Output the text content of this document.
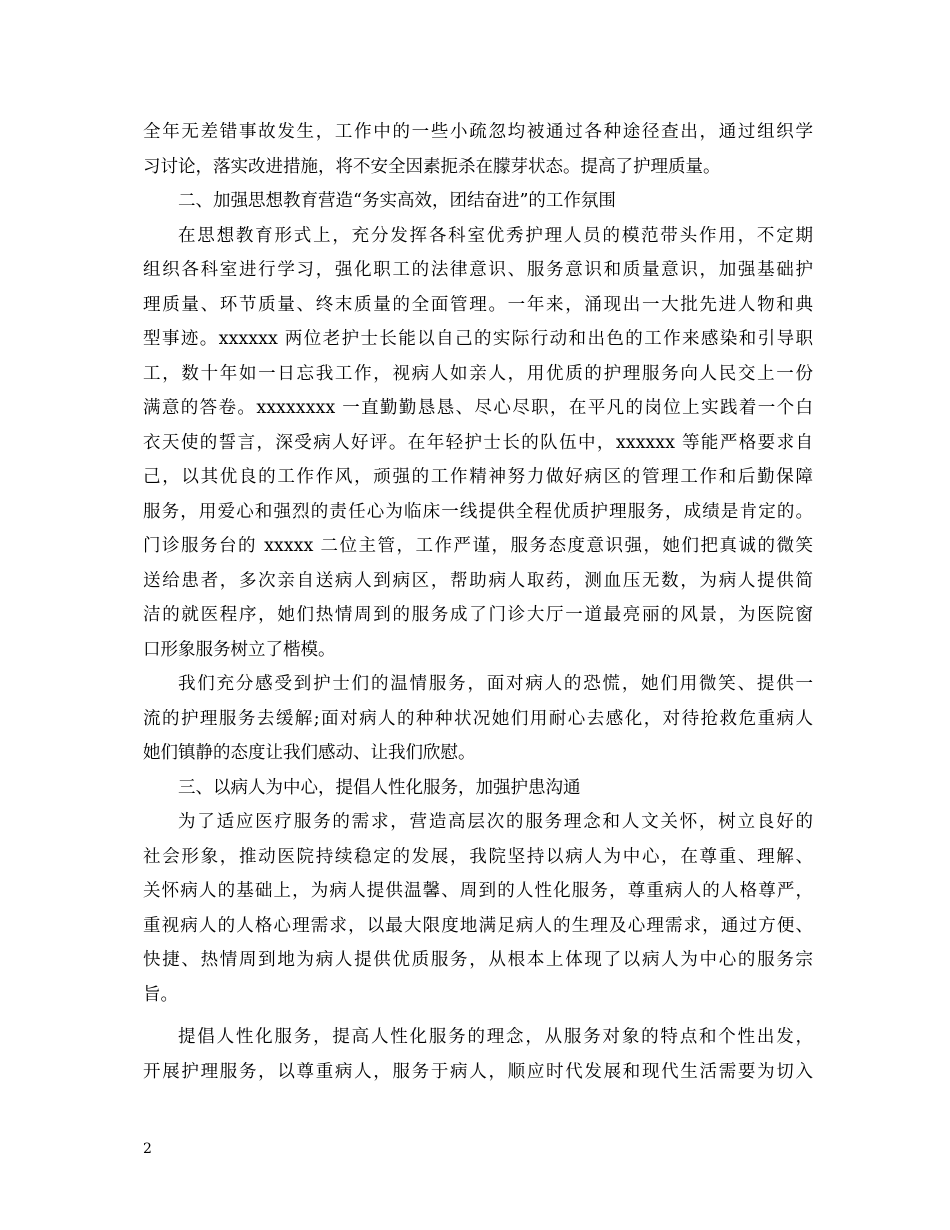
全年无差错事故发生，工作中的一些小疏忽均被通过各种途径查出，通过组织学
习讨论，落实改进措施，将不安全因素扼杀在朦芽状态。提高了护理质量。
二、加强思想教育营造“务实高效，团结奋进”的工作氛围
在思想教育形式上，充分发挥各科室优秀护理人员的模范带头作用，不定期
组织各科室进行学习，强化职工的法律意识、服务意识和质量意识，加强基础护
理质量、环节质量、终末质量的全面管理。一年来，涌现出一大批先进人物和典
型事迹。xxxxxx 两位老护士长能以自己的实际行动和出色的工作来感染和引导职
工，数十年如一日忘我工作，视病人如亲人，用优质的护理服务向人民交上一份
满意的答卷。xxxxxxxx 一直勤勤恳恳、尽心尽职，在平凡的岗位上实践着一个白
衣天使的誓言，深受病人好评。在年轻护士长的队伍中，xxxxxx 等能严格要求自
己，以其优良的工作作风，顽强的工作精神努力做好病区的管理工作和后勤保障
服务，用爱心和强烈的责任心为临床一线提供全程优质护理服务，成绩是肯定的。
门诊服务台的 xxxxx 二位主管，工作严谨，服务态度意识强，她们把真诚的微笑
送给患者，多次亲自送病人到病区，帮助病人取药，测血压无数，为病人提供简
洁的就医程序，她们热情周到的服务成了门诊大厅一道最亮丽的风景，为医院窗
口形象服务树立了楷模。
我们充分感受到护士们的温情服务，面对病人的恐慌，她们用微笑、提供一
流的护理服务去缓解;面对病人的种种状况她们用耐心去感化，对待抢救危重病人
她们镇静的态度让我们感动、让我们欣慰。
三、以病人为中心，提倡人性化服务，加强护患沟通
为了适应医疗服务的需求，营造高层次的服务理念和人文关怀，树立良好的
社会形象，推动医院持续稳定的发展，我院坚持以病人为中心，在尊重、理解、
关怀病人的基础上，为病人提供温馨、周到的人性化服务，尊重病人的人格尊严，
重视病人的人格心理需求，以最大限度地满足病人的生理及心理需求，通过方便、
快捷、热情周到地为病人提供优质服务，从根本上体现了以病人为中心的服务宗
旨。
提倡人性化服务，提高人性化服务的理念，从服务对象的特点和个性出发，
开展护理服务，以尊重病人，服务于病人，顺应时代发展和现代生活需要为切入
2
